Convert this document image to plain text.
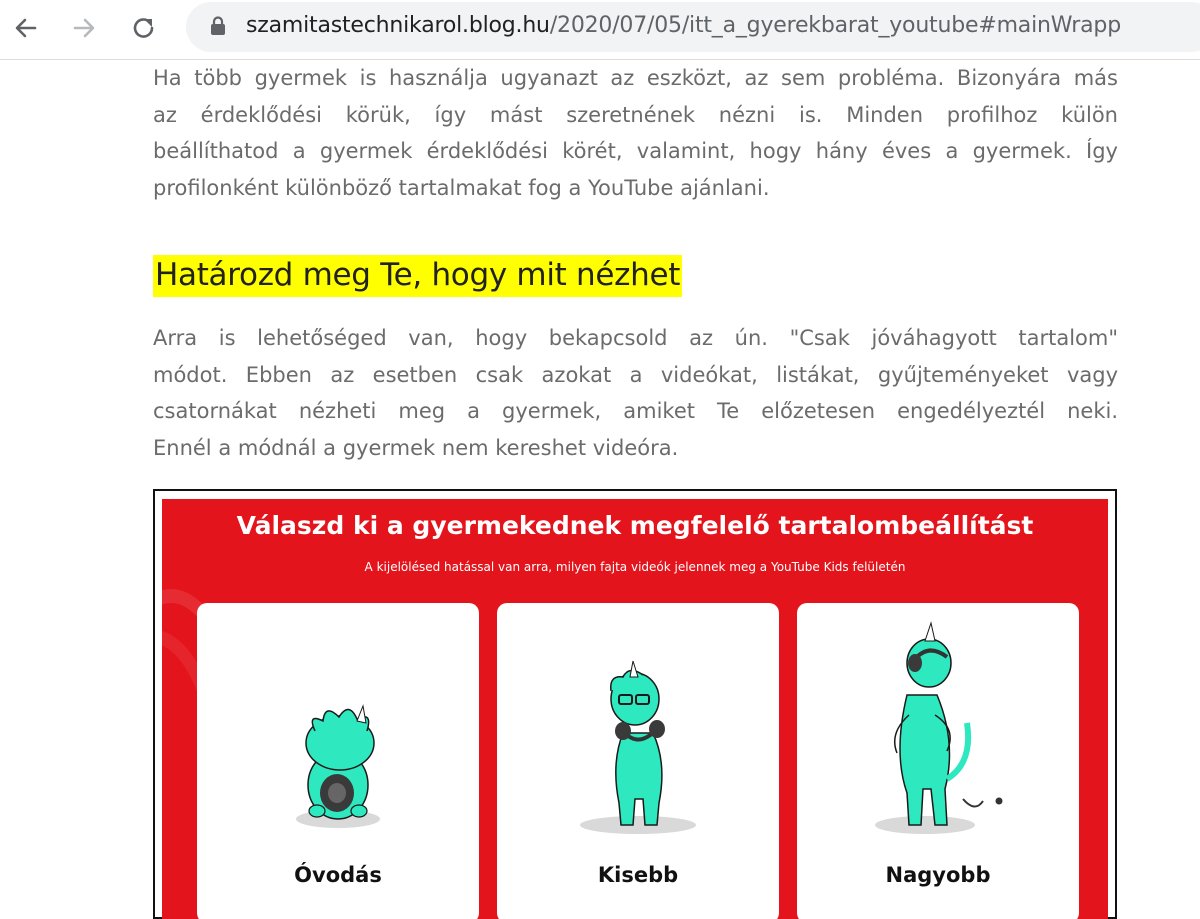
szamitastechnikarol.blog.hu/2020/07/05/itt_a_gyerekbarat_youtube#mainWrapp

Ha több gyermek is használja ugyanazt az eszközt, az sem probléma. Bizonyára más
az érdeklődési körük, így mást szeretnének nézni is. Minden profilhoz külön
beállíthatod a gyermek érdeklődési körét, valamint, hogy hány éves a gyermek. Így
profilonként különböző tartalmakat fog a YouTube ajánlani.

Határozd meg Te, hogy mit nézhet

Arra is lehetőséged van, hogy bekapcsold az ún. "Csak jóváhagyott tartalom"
módot. Ebben az esetben csak azokat a videókat, listákat, gyűjteményeket vagy
csatornákat nézheti meg a gyermek, amiket Te előzetesen engedélyeztél neki.
Ennél a módnál a gyermek nem kereshet videóra.

Válaszd ki a gyermekednek megfelelő tartalombeállítást
A kijelölésed hatással van arra, milyen fajta videók jelennek meg a YouTube Kids felületén
Óvodás	Kisebb	Nagyobb
